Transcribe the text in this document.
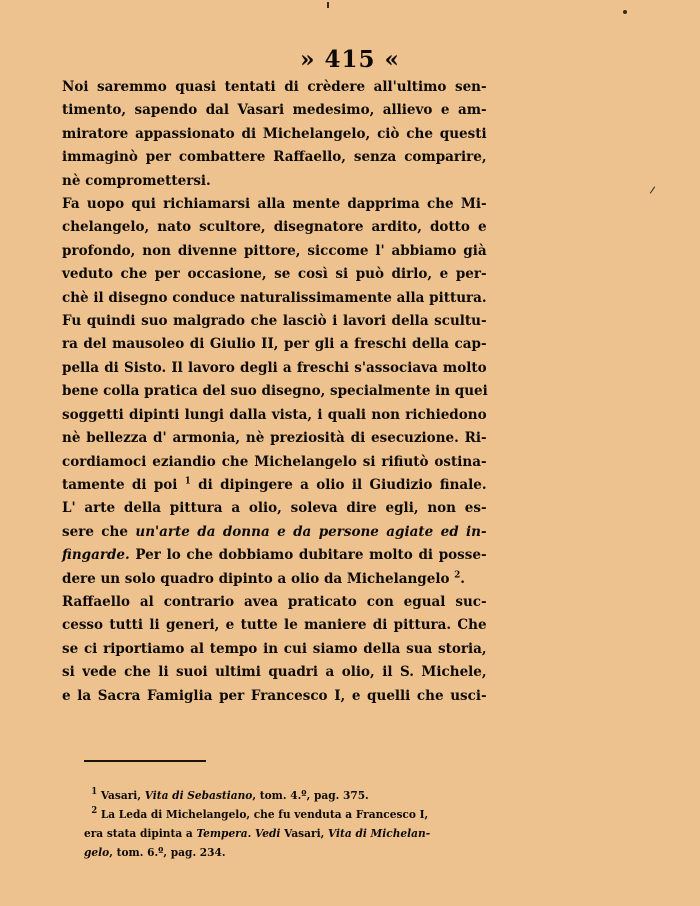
» 415 «
Noi saremmo quasi tentati di crèdere all'ultimo sen-
timento, sapendo dal Vasari medesimo, allievo e am-
miratore appassionato di Michelangelo, ciò che questi
immaginò per combattere Raffaello, senza comparire,
nè compromettersi.
Fa uopo qui richiamarsi alla mente dapprima che Mi-
chelangelo, nato scultore, disegnatore ardito, dotto e
profondo, non divenne pittore, siccome l' abbiamo già
veduto che per occasione, se così si può dirlo, e per-
chè il disegno conduce naturalissimamente alla pittura.
Fu quindi suo malgrado che lasciò i lavori della scultu-
ra del mausoleo di Giulio II, per gli a freschi della cap-
pella di Sisto. Il lavoro degli a freschi s'associava molto
bene colla pratica del suo disegno, specialmente in quei
soggetti dipinti lungi dalla vista, i quali non richiedono
nè bellezza d' armonia, nè preziosità di esecuzione. Ri-
cordiamoci eziandio che Michelangelo si rifiutò ostina-
tamente di poi $^1$ di dipingere a olio il Giudizio finale.
L' arte della pittura a olio, soleva dire egli, non es-
sere che un'arte da donna e da persone agiate ed in-
fingarde. Per lo che dobbiamo dubitare molto di posse-
dere un solo quadro dipinto a olio da Michelangelo $^2$.
Raffaello al contrario avea praticato con egual suc-
cesso tutti li generi, e tutte le maniere di pittura. Che
se ci riportiamo al tempo in cui siamo della sua storia,
si vede che li suoi ultimi quadri a olio, il S. Michele,
e la Sacra Famiglia per Francesco I, e quelli che usci-
$^1$ Vasari, Vita di Sebastiano, tom. 4.º, pag. 375.
$^2$ La Leda di Michelangelo, che fu venduta a Francesco I,
era stata dipinta a Tempera. Vedi Vasari, Vita di Michelan-
gelo, tom. 6.º, pag. 234.
